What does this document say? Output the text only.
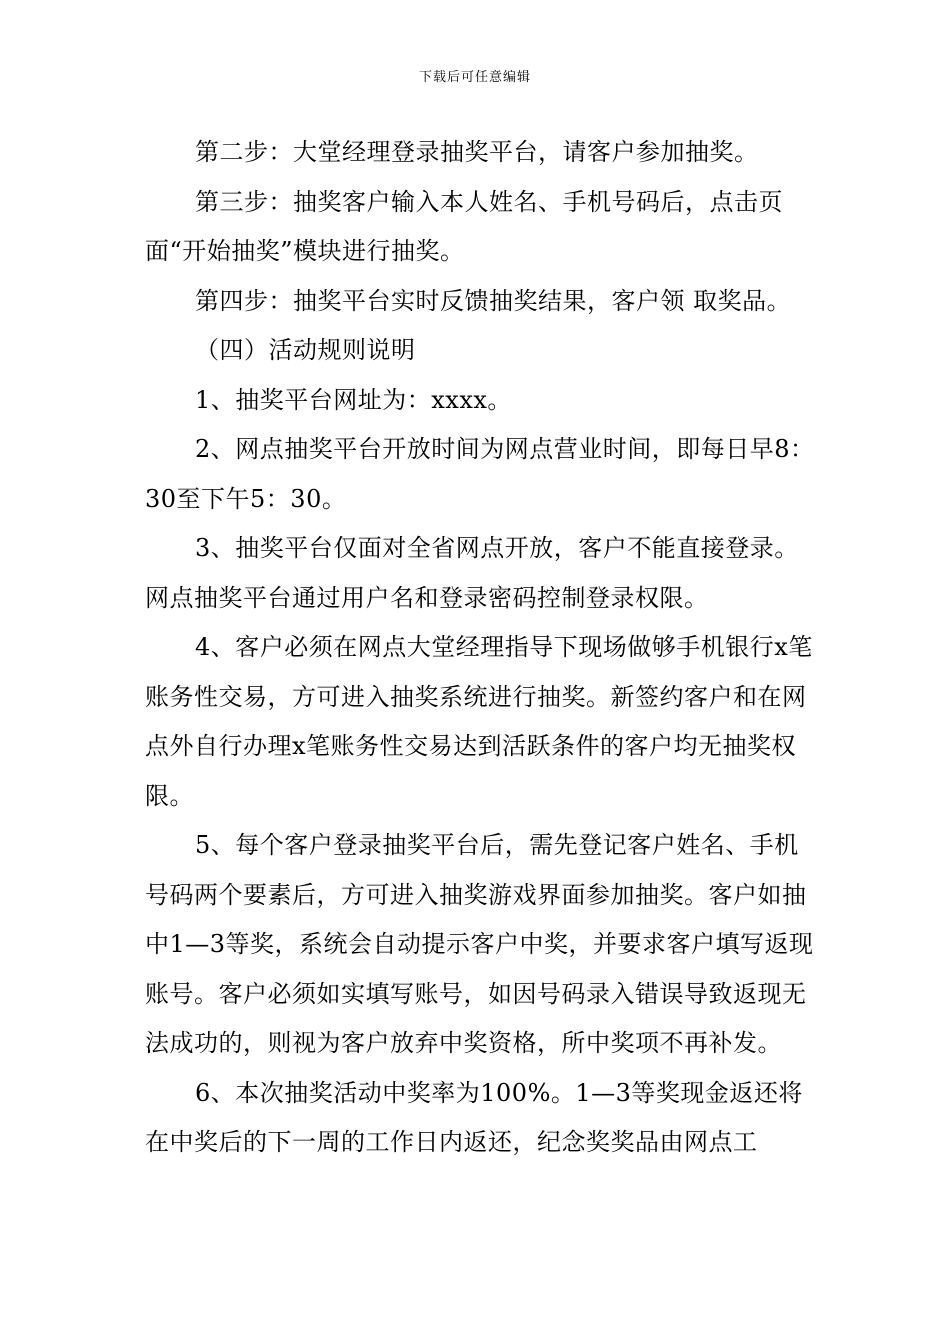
下载后可任意编辑

第二步：大堂经理登录抽奖平台，请客户参加抽奖。

第三步：抽奖客户输入本人姓名、手机号码后，点击页面“开始抽奖”模块进行抽奖。

第四步：抽奖平台实时反馈抽奖结果，客户领 取奖品。

（四）活动规则说明

1、抽奖平台网址为：xxxx。

2、网点抽奖平台开放时间为网点营业时间，即每日早8：30至下午5：30。

3、抽奖平台仅面对全省网点开放，客户不能直接登录。网点抽奖平台通过用户名和登录密码控制登录权限。

4、客户必须在网点大堂经理指导下现场做够手机银行x笔账务性交易，方可进入抽奖系统进行抽奖。新签约客户和在网点外自行办理x笔账务性交易达到活跃条件的客户均无抽奖权限。

5、每个客户登录抽奖平台后，需先登记客户姓名、手机号码两个要素后，方可进入抽奖游戏界面参加抽奖。客户如抽中1—3等奖，系统会自动提示客户中奖，并要求客户填写返现账号。客户必须如实填写账号，如因号码录入错误导致返现无法成功的，则视为客户放弃中奖资格，所中奖项不再补发。

6、本次抽奖活动中奖率为100%。1—3等奖现金返还将在中奖后的下一周的工作日内返还，纪念奖奖品由网点工
